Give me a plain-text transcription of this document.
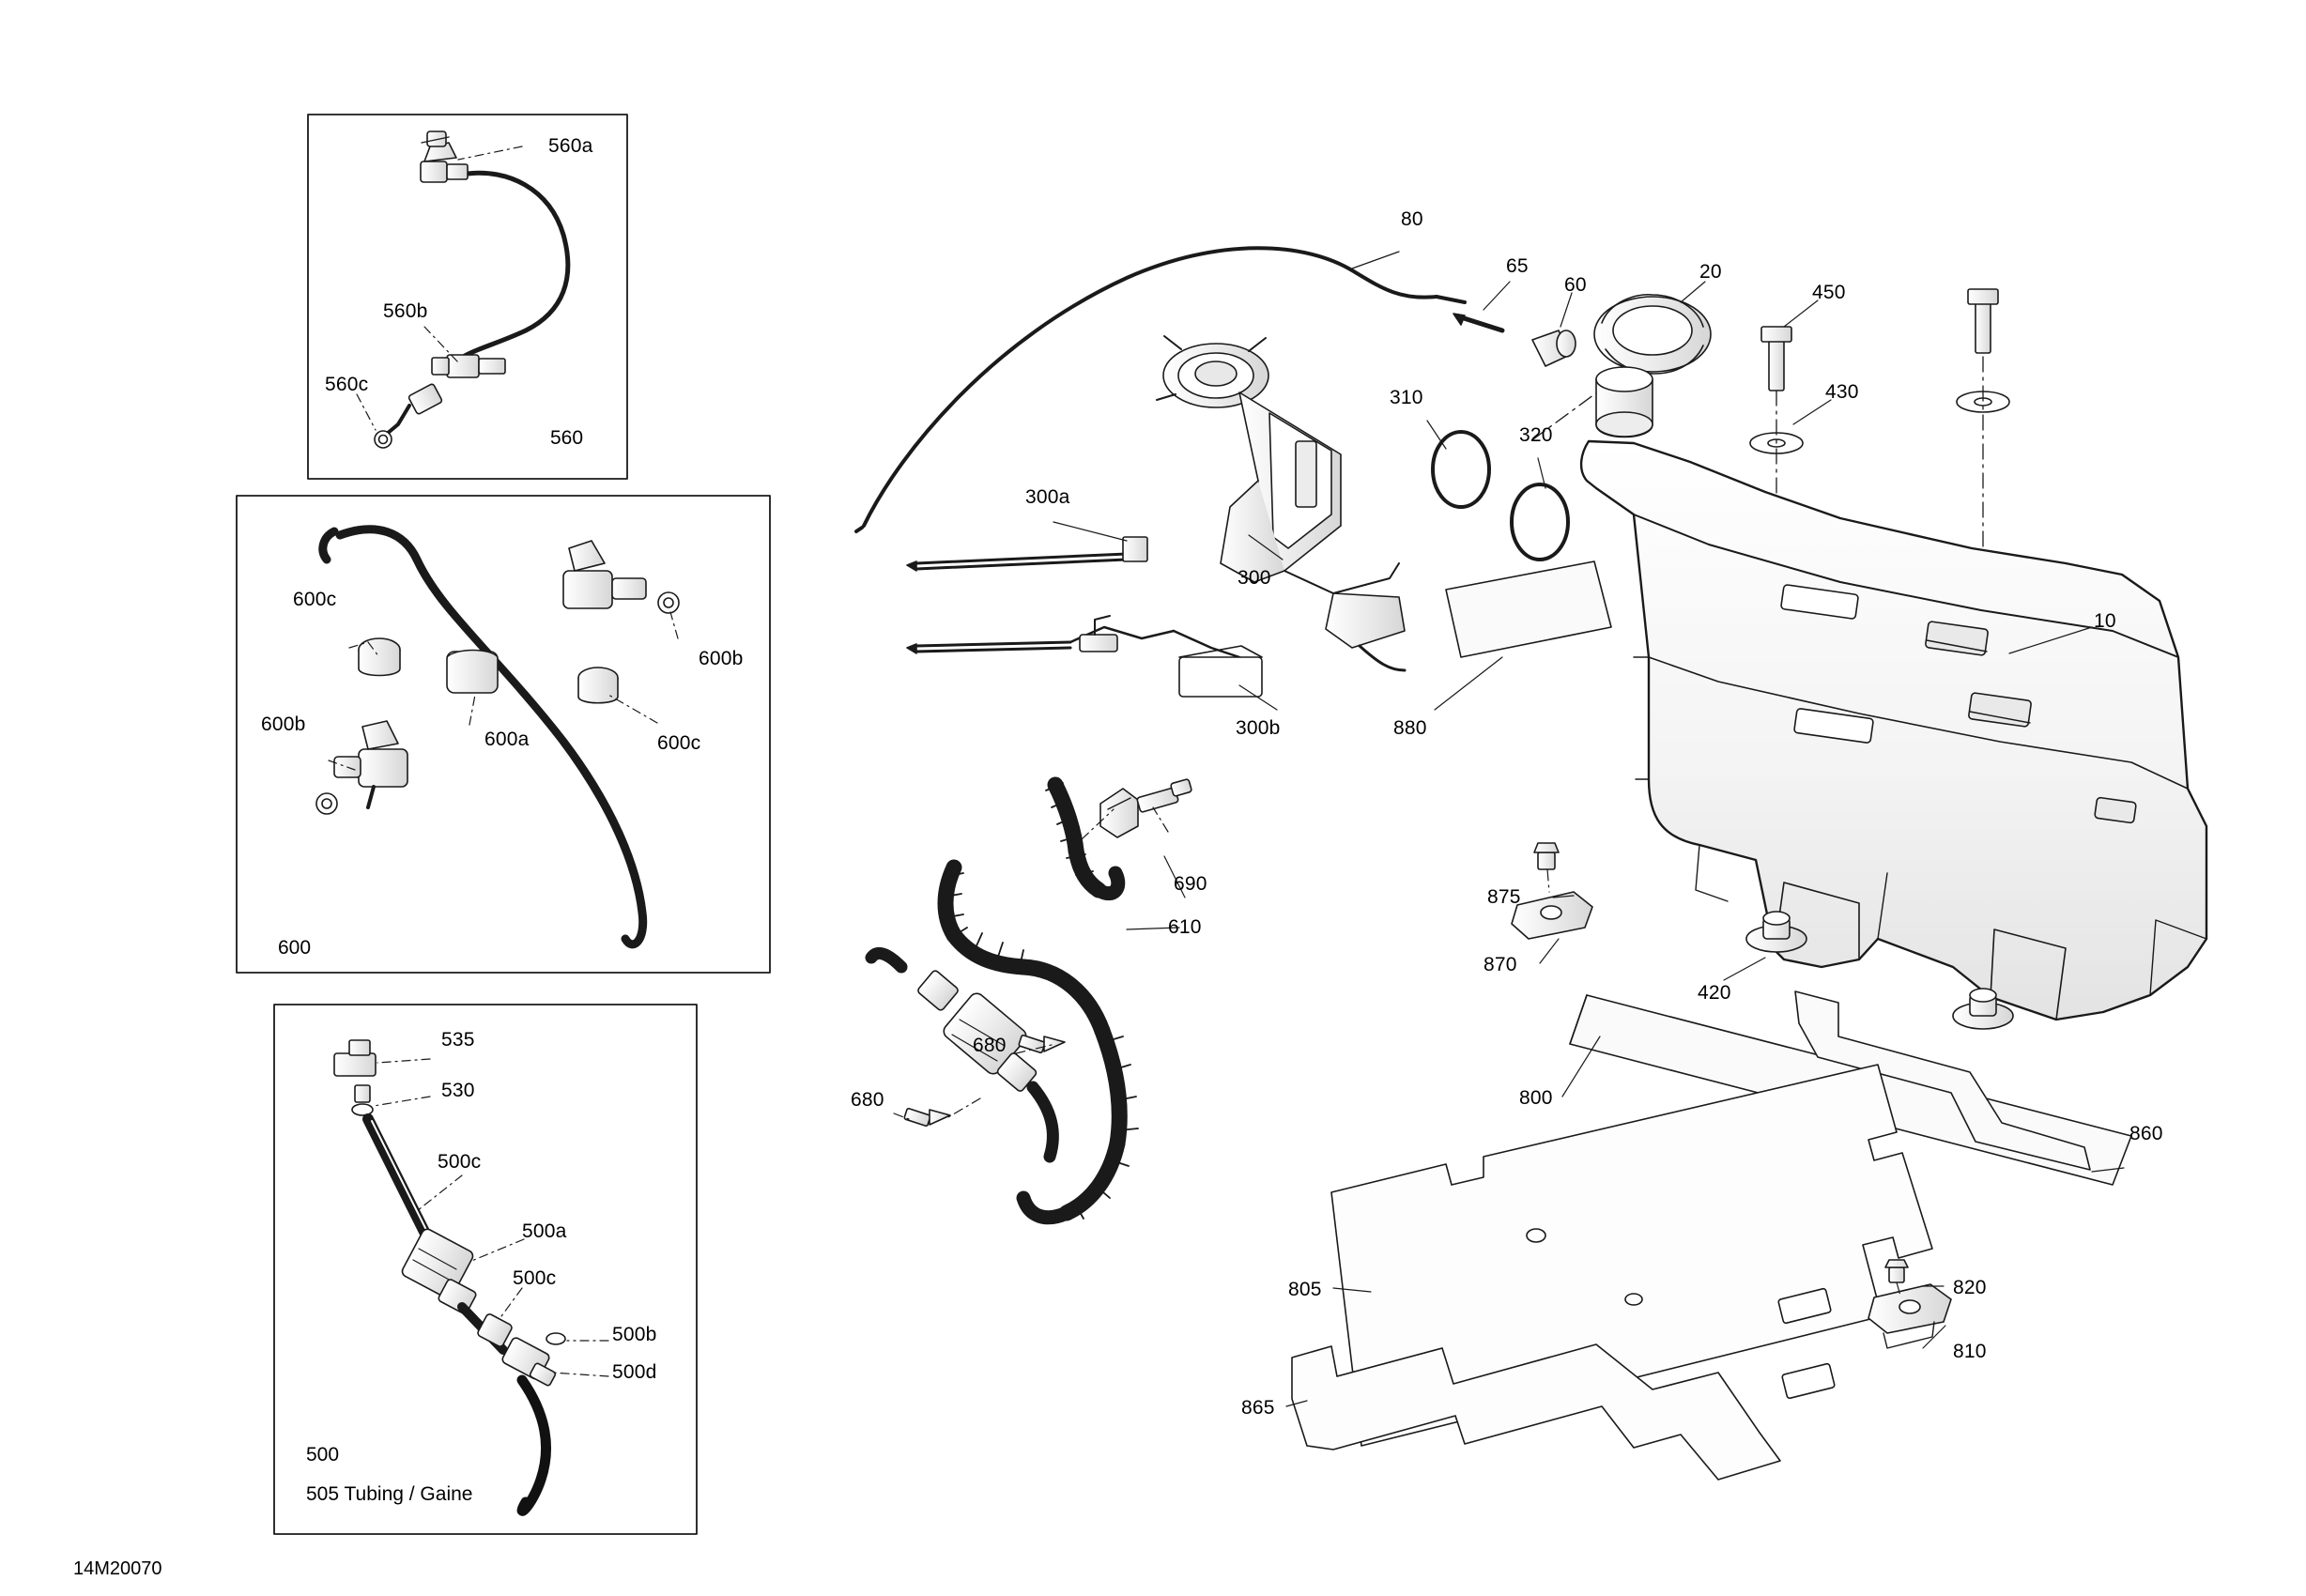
560a
560b
560c
560
600c
600b
600b
600a	600c
600
535
530
500c
500a
500c
500b
500d
500
505 Tubing / Gaine
80
65
60
20
450
430
310
320
300
300a
300b	880
10
690
610
680
680
875
870
420
800
860
805	820
810
865
14M20070
